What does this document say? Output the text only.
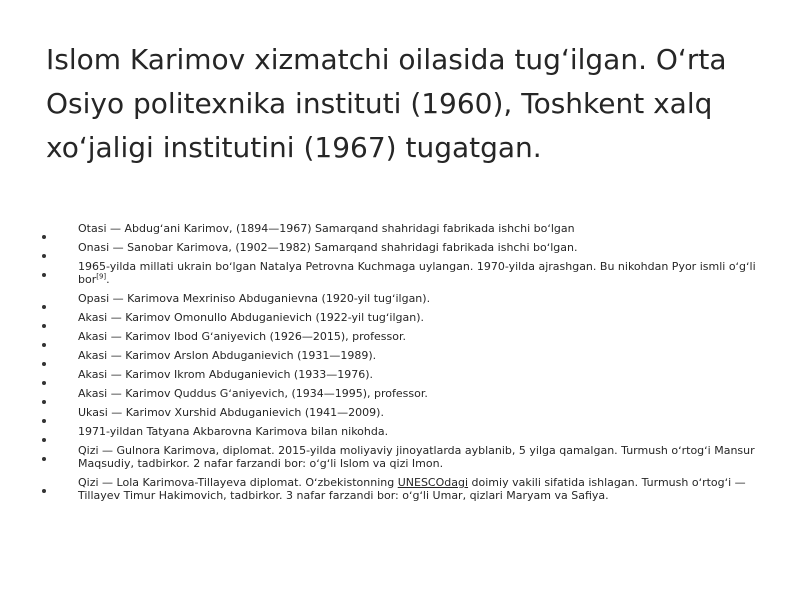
Islom Karimov xizmatchi oilasida tugʻilgan. Oʻrta Osiyo politexnika instituti (1960), Toshkent xalq xoʻjaligi institutini (1967) tugatgan.
Otasi — Abdugʻani Karimov, (1894—1967) Samarqand shahridagi fabrikada ishchi boʻlgan
Onasi — Sanobar Karimova, (1902—1982) Samarqand shahridagi fabrikada ishchi boʻlgan.
1965-yilda millati ukrain boʻlgan Natalya Petrovna Kuchmaga uylangan. 1970-yilda ajrashgan. Bu nikohdan Pyor ismli oʻgʻli bor[9].
Opasi — Karimova Mexriniso Abduganievna (1920-yil tugʻilgan).
Akasi — Karimov Omonullo Abduganievich (1922-yil tugʻilgan).
Akasi — Karimov Ibod Gʻaniyevich (1926—2015), professor.
Akasi — Karimov Arslon Abduganievich (1931—1989).
Akasi — Karimov Ikrom Abduganievich (1933—1976).
Akasi — Karimov Quddus Gʻaniyevich, (1934—1995), professor.
Ukasi — Karimov Xurshid Abduganievich (1941—2009).
1971-yildan Tatyana Akbarovna Karimova bilan nikohda.
Qizi — Gulnora Karimova, diplomat. 2015-yilda moliyaviy jinoyatlarda ayblanib, 5 yilga qamalgan. Turmush oʻrtogʻi Mansur Maqsudiy, tadbirkor. 2 nafar farzandi bor: oʻgʻli Islom va qizi Imon.
Qizi — Lola Karimova-Tillayeva diplomat. Oʻzbekistonning UNESCOdagi doimiy vakili sifatida ishlagan. Turmush oʻrtogʻi — Tillayev Timur Hakimovich, tadbirkor. 3 nafar farzandi bor: oʻgʻli Umar, qizlari Maryam va Safiya.
